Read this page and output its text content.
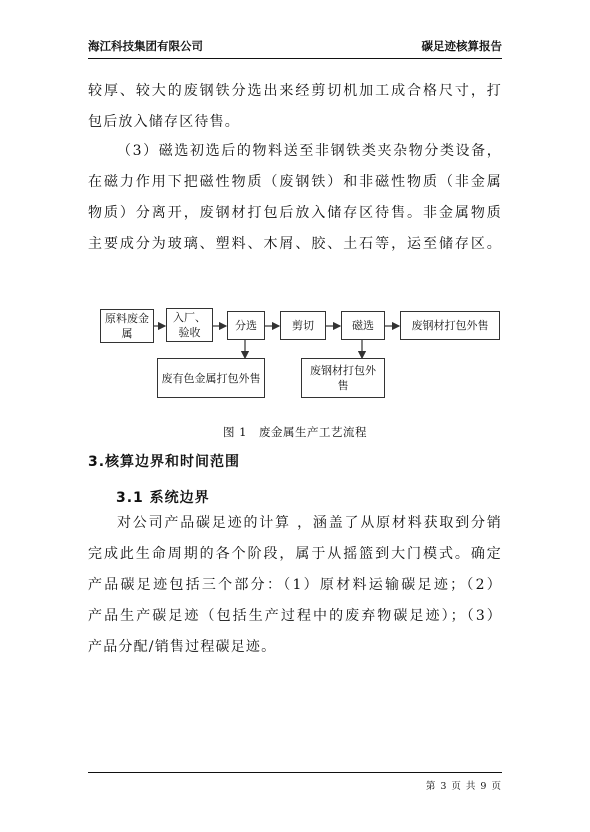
海江科技集团有限公司	碳足迹核算报告
较厚、较大的废钢铁分选出来经剪切机加工成合格尺寸，打
包后放入储存区待售。
（3）磁选初选后的物料送至非钢铁类夹杂物分类设备，
在磁力作用下把磁性物质（废钢铁）和非磁性物质（非金属
物质）分离开，废钢材打包后放入储存区待售。非金属物质
主要成分为玻璃、塑料、木屑、胶、土石等，运至储存区。
原料废金属
入厂、验收
分选	剪切	磁选	废钢材打包外售
废有色金属打包外售
废钢材打包外售
图 1　废金属生产工艺流程
3.核算边界和时间范围
3.1 系统边界
对公司产品碳足迹的计算 ，涵盖了从原材料获取到分销
完成此生命周期的各个阶段，属于从摇篮到大门模式。确定
产品碳足迹包括三个部分：（1）原材料运输碳足迹；（2）
产品生产碳足迹（包括生产过程中的废弃物碳足迹）；（3）
产品分配/销售过程碳足迹。
第 3 页 共 9 页
